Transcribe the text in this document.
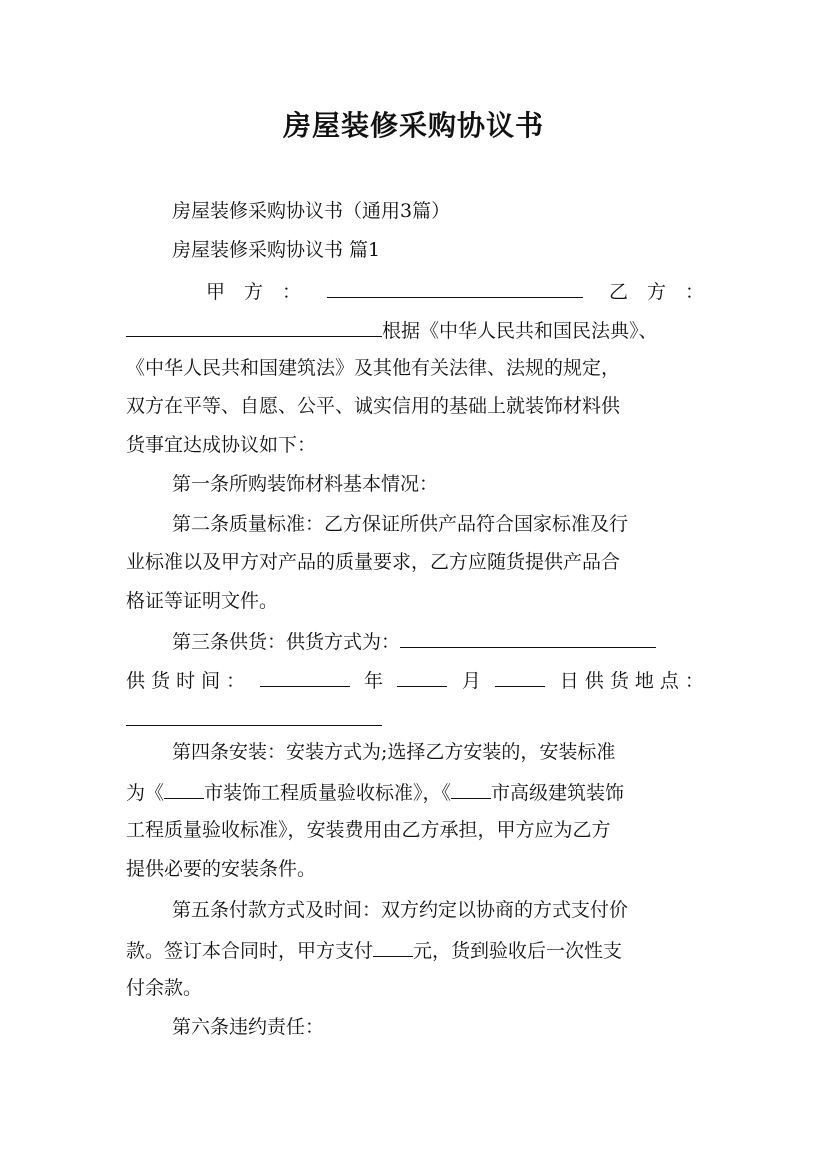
房屋装修采购协议书
房屋装修采购协议书（通用3篇）
房屋装修采购协议书 篇1
甲　方　：	乙　方　：
根据《中华人民共和国民法典》、
《中华人民共和国建筑法》及其他有关法律、法规的规定，
双方在平等、自愿、公平、诚实信用的基础上就装饰材料供
货事宜达成协议如下：
第一条所购装饰材料基本情况：
第二条质量标准：乙方保证所供产品符合国家标准及行
业标准以及甲方对产品的质量要求，乙方应随货提供产品合
格证等证明文件。
第三条供货：供货方式为：
供 货 时 间 ：	年	月	日 供 货 地 点 ：
第四条安装：安装方式为;选择乙方安装的，安装标准
为《 市装饰工程质量验收标准》，《 市高级建筑装饰
工程质量验收标准》，安装费用由乙方承担，甲方应为乙方
提供必要的安装条件。
第五条付款方式及时间：双方约定以协商的方式支付价
款。签订本合同时，甲方支付 元，货到验收后一次性支
付余款。
第六条违约责任：
